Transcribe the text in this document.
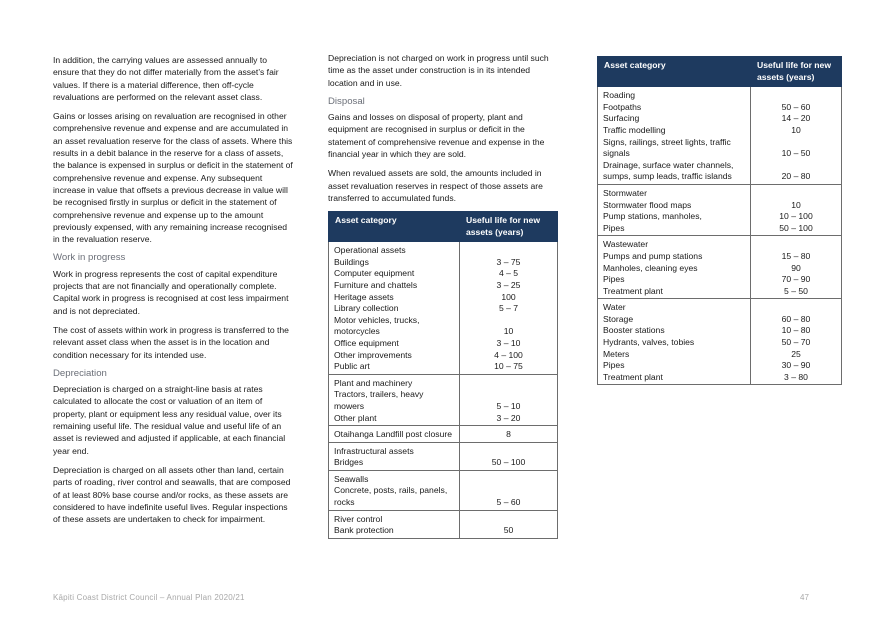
In addition, the carrying values are assessed annually to ensure that they do not differ materially from the asset’s fair values. If there is a material difference, then off-cycle revaluations are performed on the relevant asset class.

Gains or losses arising on revaluation are recognised in other comprehensive revenue and expense and are accumulated in an asset revaluation reserve for the class of assets. Where this results in a debit balance in the reserve for a class of assets, the balance is expensed in surplus or deficit in the statement of comprehensive revenue and expense. Any subsequent increase in value that offsets a previous decrease in value will be recognised firstly in surplus or deficit in the statement of comprehensive revenue and expense up to the amount previously expensed, with any remaining increase recognised in the revaluation reserve.

Work in progress

Work in progress represents the cost of capital expenditure projects that are not financially and operationally complete. Capital work in progress is recognised at cost less impairment and is not depreciated.

The cost of assets within work in progress is transferred to the relevant asset class when the asset is in the location and condition necessary for its intended use.

Depreciation

Depreciation is charged on a straight-line basis at rates calculated to allocate the cost or valuation of an item of property, plant or equipment less any residual value, over its remaining useful life. The residual value and useful life of an asset is reviewed and adjusted if applicable, at each financial year end.

Depreciation is charged on all assets other than land, certain parts of roading, river control and seawalls, that are composed of at least 80% base course and/or rocks, as these assets are considered to have indefinite useful lives. Regular inspections of these assets are undertaken to check for impairment.

Depreciation is not charged on work in progress until such time as the asset under construction is in its intended location and in use.

Disposal

Gains and losses on disposal of property, plant and equipment are recognised in surplus or deficit in the statement of comprehensive revenue and expense in the financial year in which they are sold.

When revalued assets are sold, the amounts included in asset revaluation reserves in respect of those assets are transferred to accumulated funds.

Asset category	Useful life for new assets (years)
Operational assets	
Buildings	3 – 75
Computer equipment	4 – 5
Furniture and chattels	3 – 25
Heritage assets	100
Library collection	5 – 7
Motor vehicles, trucks, motorcycles	10
Office equipment	3 – 10
Other improvements	4 – 100
Public art	10 – 75
Plant and machinery	
Tractors, trailers, heavy mowers	5 – 10
Other plant	3 – 20
Otaihanga Landfill post closure	8
Infrastructural assets	
Bridges	50 – 100
Seawalls	
Concrete, posts, rails, panels, rocks	5 – 60
River control	
Bank protection	50
Asset category	Useful life for new assets (years)
Roading	
Footpaths	50 – 60
Surfacing	14 – 20
Traffic modelling	10
Signs, railings, street lights, traffic signals	10 – 50
Drainage, surface water channels, sumps, sump leads, traffic islands	20 – 80
Stormwater	
Stormwater flood maps	10
Pump stations, manholes,	10 – 100
Pipes	50 – 100
Wastewater	
Pumps and pump stations	15 – 80
Manholes, cleaning eyes	90
Pipes	70 – 90
Treatment plant	5 – 50
Water	
Storage	60 – 80
Booster stations	10 – 80
Hydrants, valves, tobies	50 – 70
Meters	25
Pipes	30 – 90
Treatment plant	3 – 80
Kāpiti Coast District Council – Annual Plan 2020/21	47
